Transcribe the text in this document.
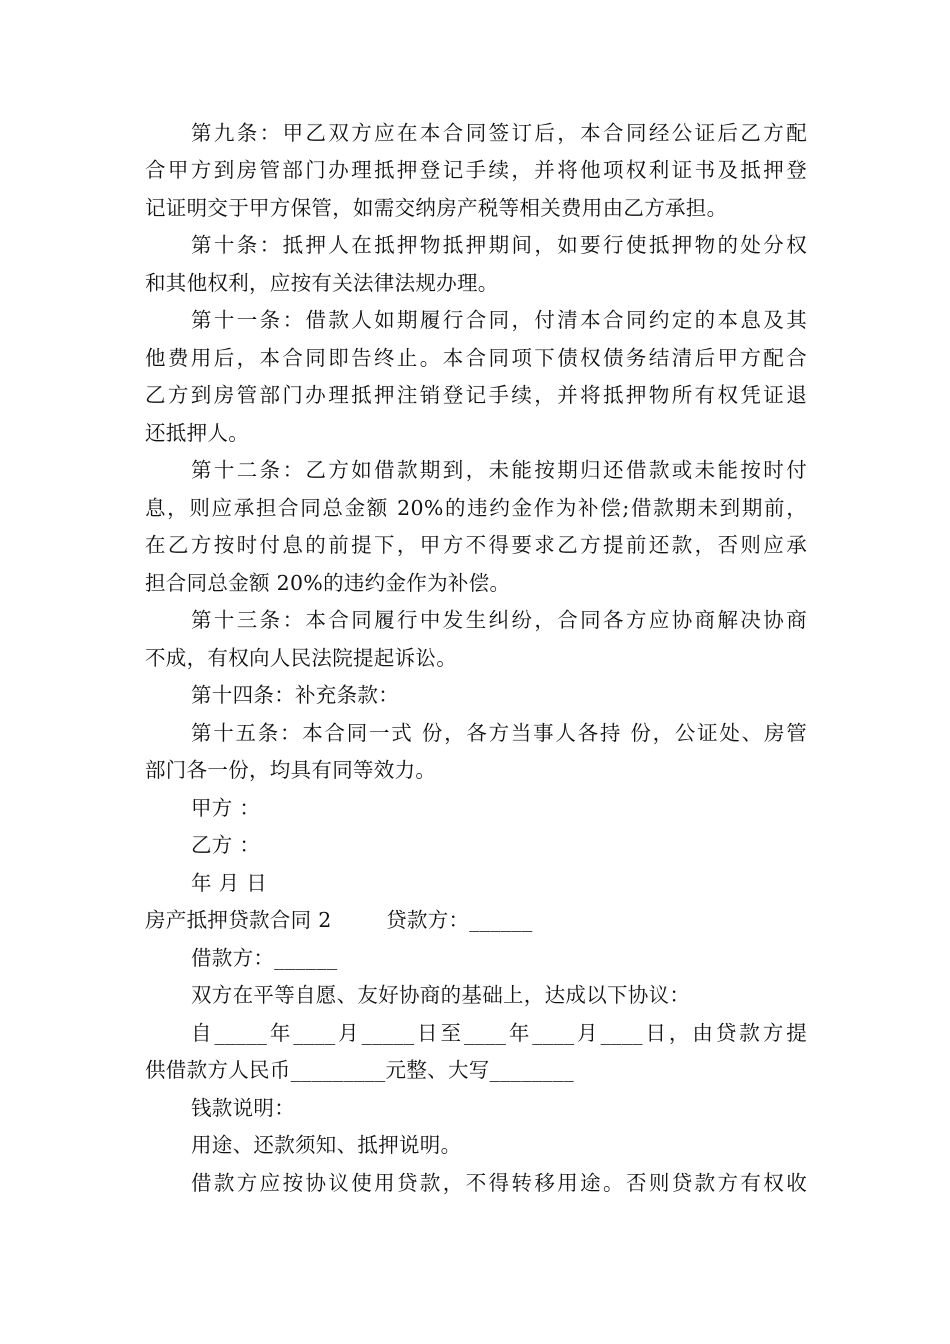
第九条：甲乙双方应在本合同签订后，本合同经公证后乙方配
合甲方到房管部门办理抵押登记手续，并将他项权利证书及抵押登
记证明交于甲方保管，如需交纳房产税等相关费用由乙方承担。
第十条：抵押人在抵押物抵押期间，如要行使抵押物的处分权
和其他权利，应按有关法律法规办理。
第十一条：借款人如期履行合同，付清本合同约定的本息及其
他费用后，本合同即告终止。本合同项下债权债务结清后甲方配合
乙方到房管部门办理抵押注销登记手续，并将抵押物所有权凭证退
还抵押人。
第十二条：乙方如借款期到，未能按期归还借款或未能按时付
息，则应承担合同总金额 20%的违约金作为补偿;借款期未到期前，
在乙方按时付息的前提下，甲方不得要求乙方提前还款，否则应承
担合同总金额 20%的违约金作为补偿。
第十三条：本合同履行中发生纠纷，合同各方应协商解决协商
不成，有权向人民法院提起诉讼。
第十四条：补充条款：
第十五条：本合同一式 份，各方当事人各持 份，公证处、房管
部门各一份，均具有同等效力。
甲方 ：
乙方 ：
年 月 日
房产抵押贷款合同 2        贷款方：______
借款方：______
双方在平等自愿、友好协商的基础上，达成以下协议：
自_____年____月_____日至____年____月____日，由贷款方提
供借款方人民币_________元整、大写________
钱款说明：
用途、还款须知、抵押说明。
借款方应按协议使用贷款，不得转移用途。否则贷款方有权收
